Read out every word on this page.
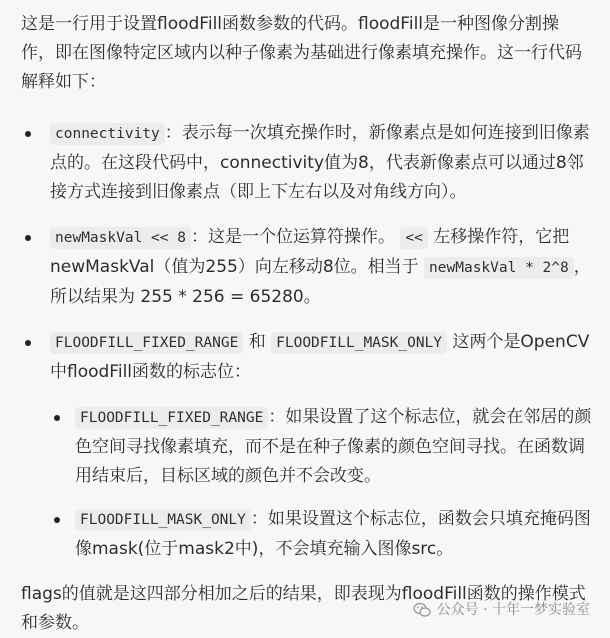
这是一行用于设置floodFill函数参数的代码。floodFill是一种图像分割操作，即在图像特定区域内以种子像素为基础进行像素填充操作。这一行代码解释如下：

connectivity ：表示每一次填充操作时，新像素点是如何连接到旧像素点的。在这段代码中，connectivity值为8，代表新像素点可以通过8邻接方式连接到旧像素点（即上下左右以及对角线方向）。
newMaskVal << 8 ：这是一个位运算符操作。 << 左移操作符，它把newMaskVal（值为255）向左移动8位。相当于 newMaskVal * 2^8 ，所以结果为 255 * 256 = 65280。
FLOODFILL_FIXED_RANGE 和 FLOODFILL_MASK_ONLY 这两个是OpenCV中floodFill函数的标志位：
FLOODFILL_FIXED_RANGE ：如果设置了这个标志位，就会在邻居的颜色空间寻找像素填充，而不是在种子像素的颜色空间寻找。在函数调用结束后，目标区域的颜色并不会改变。
FLOODFILL_MASK_ONLY ：如果设置这个标志位，函数会只填充掩码图像mask(位于mask2中)，不会填充输入图像src。

flags的值就是这四部分相加之后的结果，即表现为floodFill函数的操作模式和参数。

公众号 · 十年一梦实验室
